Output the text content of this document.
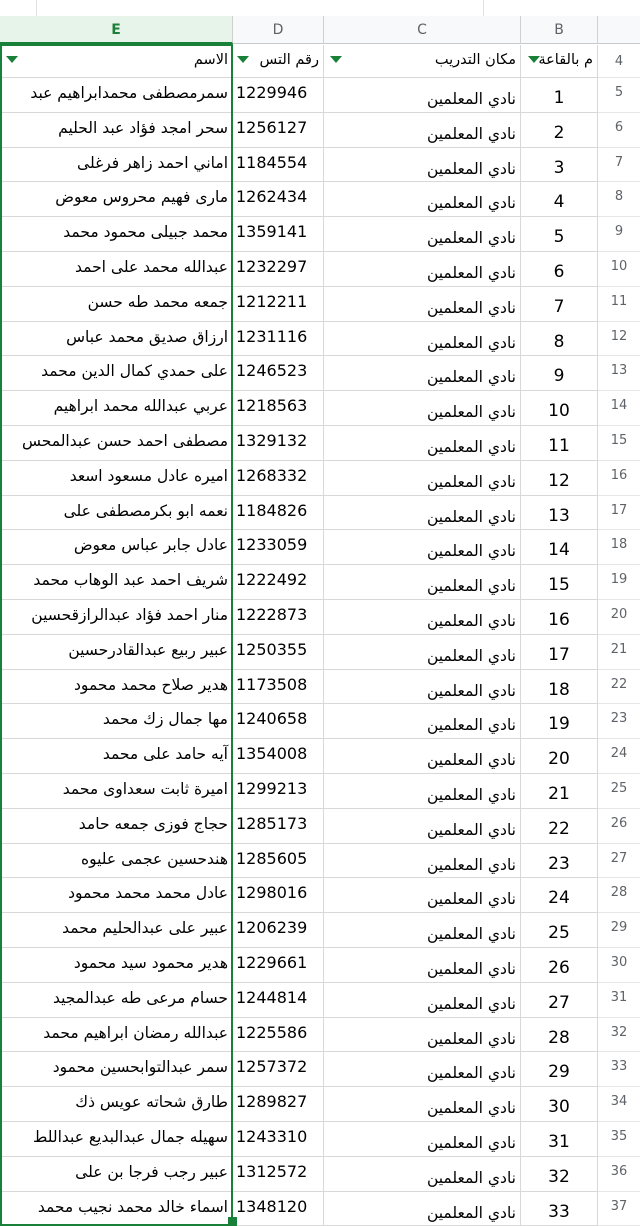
E	D	C	B
الاسم	رقم التس	مكان التدريب	م بالقاعة	4
سمرمصطفى محمدابراهيم عبد 1229946	نادي المعلمين	1	5
سحر امجد فؤاد عبد الحليم 1256127	نادي المعلمين	2	6
اماني احمد زاهر فرغلى 1184554	نادي المعلمين	3	7
مارى فهيم محروس معوض 1262434	نادي المعلمين	4	8
محمد جبيلى محمود محمد 1359141	نادي المعلمين	5	9
عبدالله محمد على احمد 1232297	نادي المعلمين	6	10
جمعه محمد طه حسن 1212211	نادي المعلمين	7	11
ارزاق صديق محمد عباس 1231116	نادي المعلمين	8	12
على حمدي كمال الدين محمد 1246523	نادي المعلمين	9	13
عربي عبدالله محمد ابراهيم 1218563	نادي المعلمين	10	14
مصطفى احمد حسن عبدالمحس 1329132	نادي المعلمين	11	15
اميره عادل مسعود اسعد 1268332	نادي المعلمين	12	16
نعمه ابو بكرمصطفى على 1184826	نادي المعلمين	13	17
عادل جابر عباس معوض 1233059	نادي المعلمين	14	18
شريف احمد عبد الوهاب محمد 1222492	نادي المعلمين	15	19
منار احمد فؤاد عبدالرازقحسين 1222873	نادي المعلمين	16	20
عبير ربيع عبدالقادرحسين 1250355	نادي المعلمين	17	21
هدير صلاح محمد محمود 1173508	نادي المعلمين	18	22
مها جمال زك محمد 1240658	نادي المعلمين	19	23
آيه حامد على محمد 1354008	نادي المعلمين	20	24
اميرة ثابت سعداوى محمد 1299213	نادي المعلمين	21	25
حجاج فوزى جمعه حامد 1285173	نادي المعلمين	22	26
هندحسين عجمى عليوه 1285605	نادي المعلمين	23	27
عادل محمد محمد محمود 1298016	نادي المعلمين	24	28
عبير على عبدالحليم محمد 1206239	نادي المعلمين	25	29
هدير محمود سيد محمود 1229661	نادي المعلمين	26	30
حسام مرعى طه عبدالمجيد 1244814	نادي المعلمين	27	31
عبدالله رمضان ابراهيم محمد 1225586	نادي المعلمين	28	32
سمر عبدالتوابحسين محمود 1257372	نادي المعلمين	29	33
طارق شحاته عويس ذك 1289827	نادي المعلمين	30	34
سهيله جمال عبدالبديع عبداللط 1243310	نادي المعلمين	31	35
عبير رجب فرجا بن على 1312572	نادي المعلمين	32	36
اسماء خالد محمد نجيب محمد 1348120	نادي المعلمين	33	37
